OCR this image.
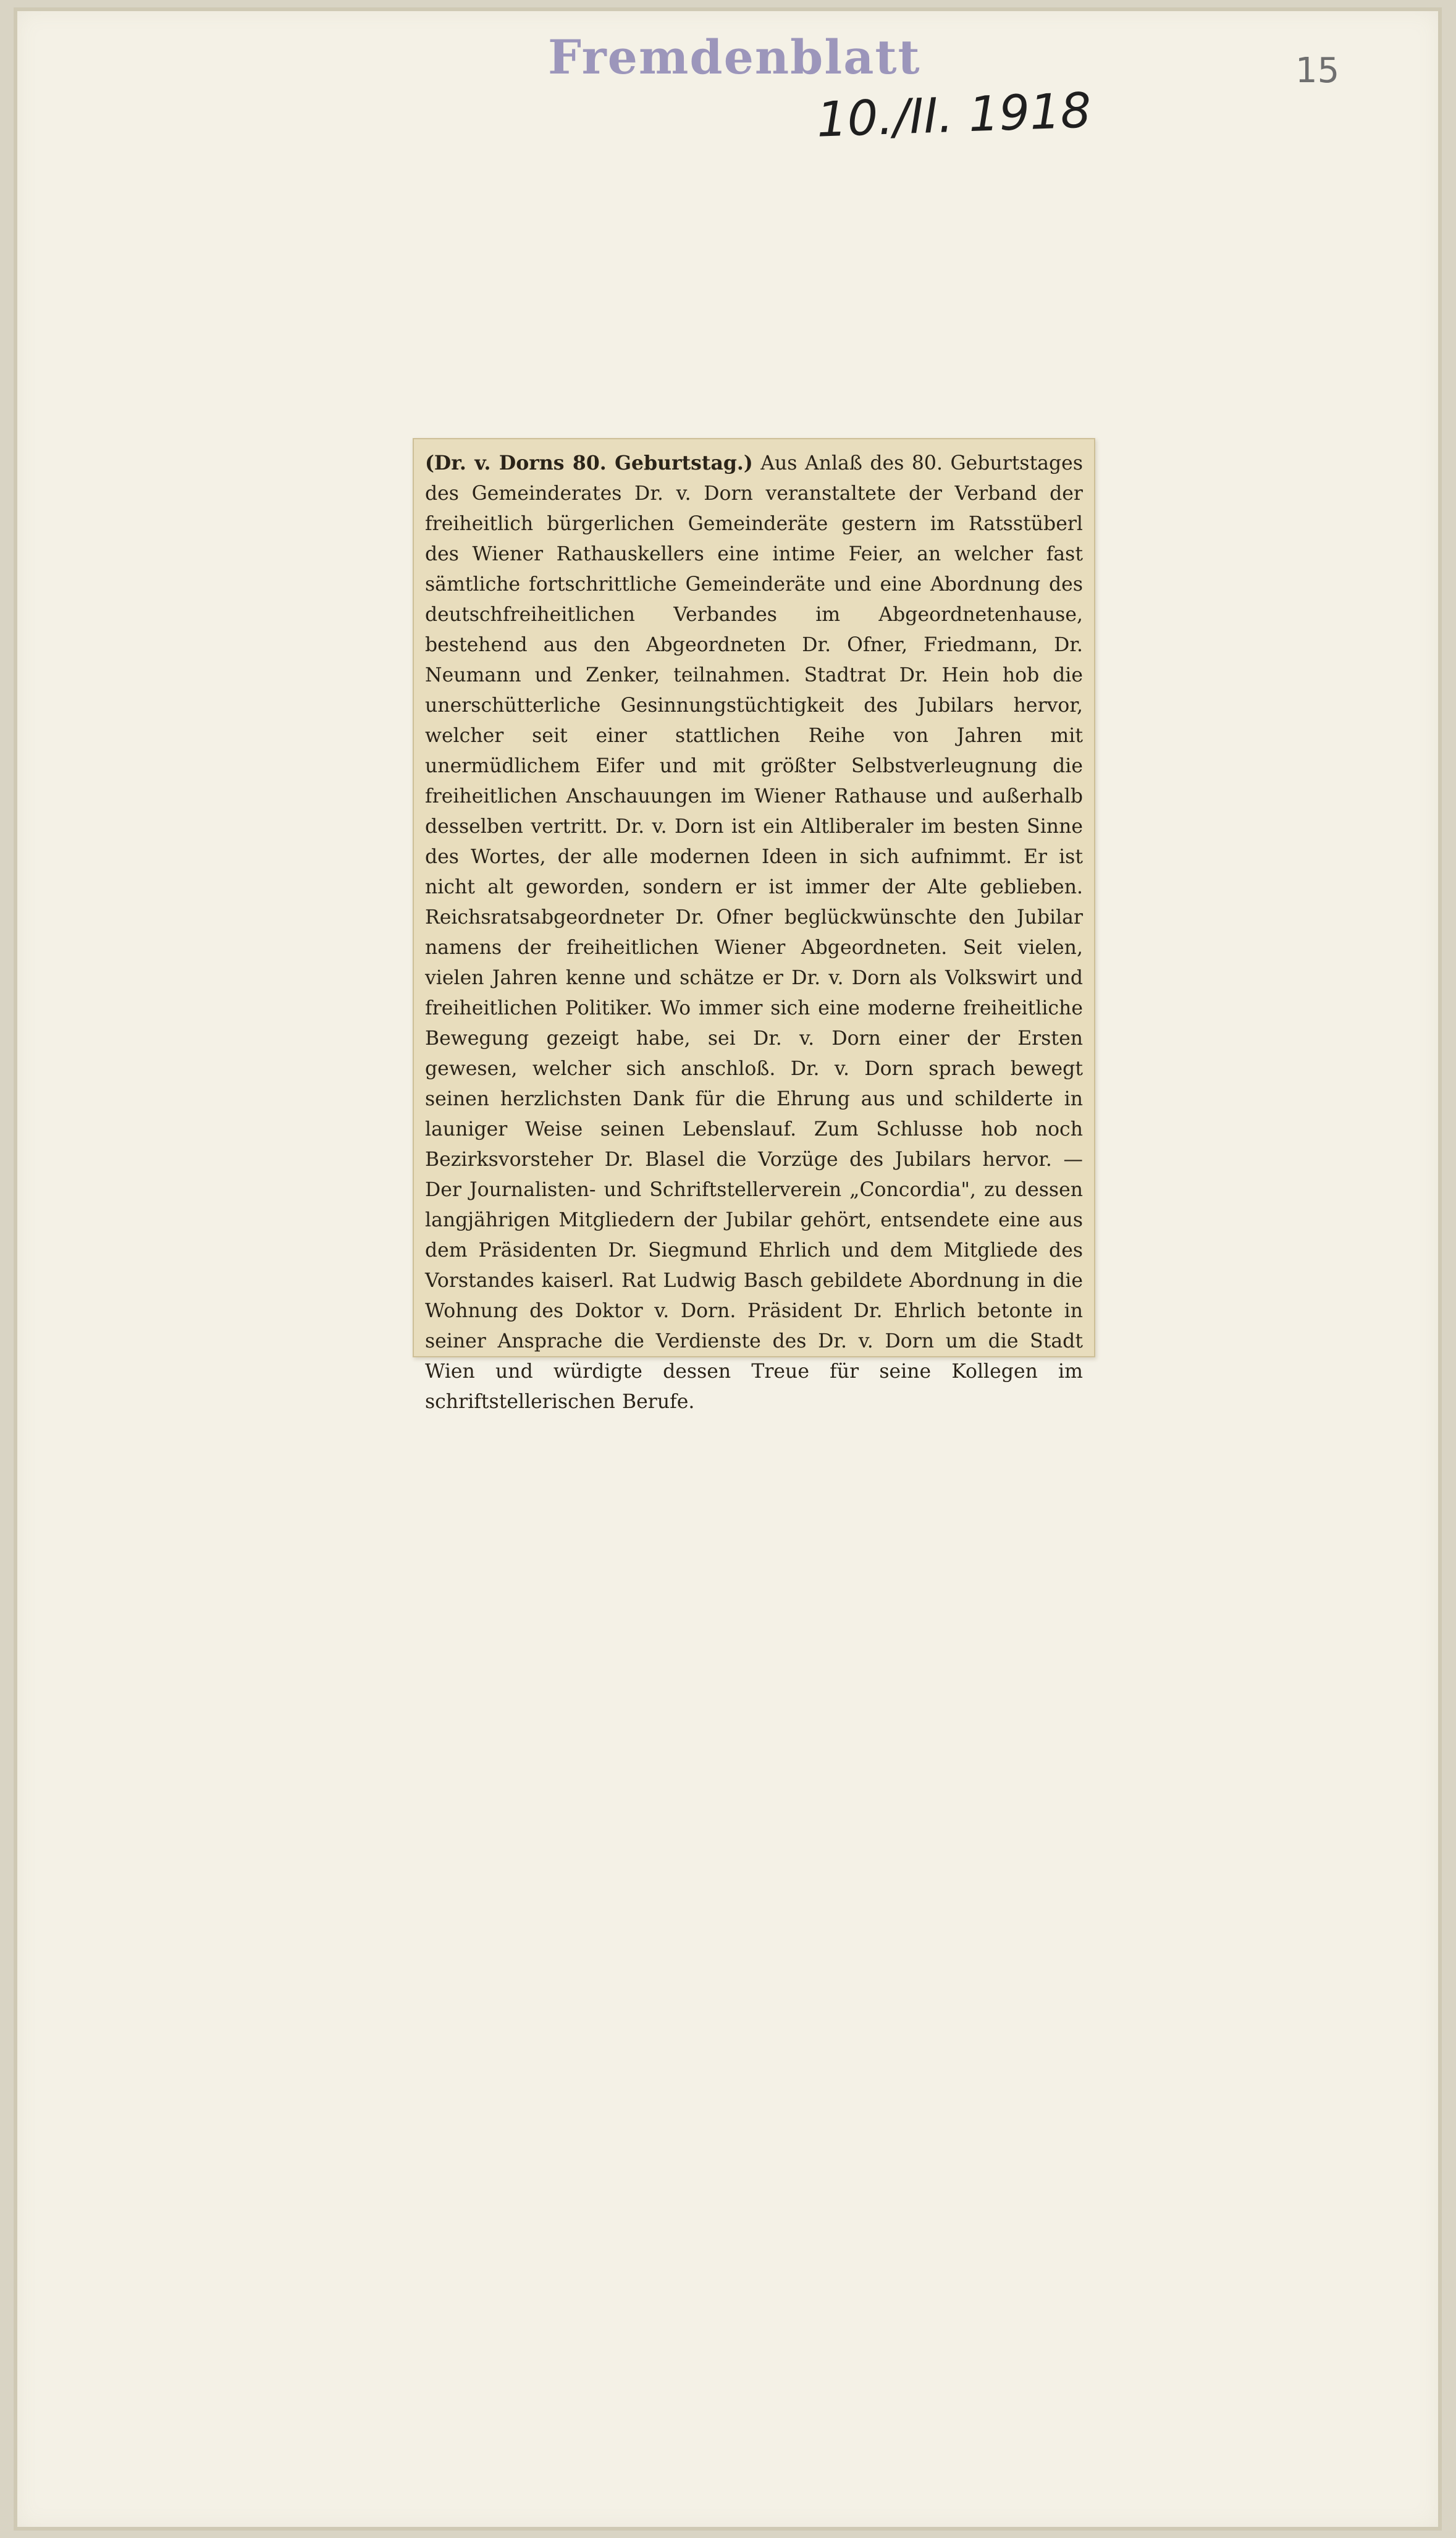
Fremdenblatt
10./II. 1918
15
(Dr. v. Dorns 80. Geburtstag.) Aus Anlaß des 80. Geburtstages des Gemeinderates Dr. v. Dorn veranstaltete der Verband der freiheitlich bürgerlichen Gemeinderäte gestern im Ratsstüberl des Wiener Rathauskellers eine intime Feier, an welcher fast sämtliche fortschrittliche Gemeinderäte und eine Abordnung des deutschfreiheitlichen Verbandes im Abgeordnetenhause, bestehend aus den Abgeordneten Dr. Ofner, Friedmann, Dr. Neumann und Zenker, teilnahmen. Stadtrat Dr. Hein hob die unerschütterliche Gesinnungstüchtigkeit des Jubilars hervor, welcher seit einer stattlichen Reihe von Jahren mit unermüdlichem Eifer und mit größter Selbstverleugnung die freiheitlichen Anschauungen im Wiener Rathause und außerhalb desselben vertritt. Dr. v. Dorn ist ein Altliberaler im besten Sinne des Wortes, der alle modernen Ideen in sich aufnimmt. Er ist nicht alt geworden, sondern er ist immer der Alte geblieben. Reichsratsabgeordneter Dr. Ofner beglückwünschte den Jubilar namens der freiheitlichen Wiener Abgeordneten. Seit vielen, vielen Jahren kenne und schätze er Dr. v. Dorn als Volkswirt und freiheitlichen Politiker. Wo immer sich eine moderne freiheitliche Bewegung gezeigt habe, sei Dr. v. Dorn einer der Ersten gewesen, welcher sich anschloß. Dr. v. Dorn sprach bewegt seinen herzlichsten Dank für die Ehrung aus und schilderte in launiger Weise seinen Lebenslauf. Zum Schlusse hob noch Bezirksvorsteher Dr. Blasel die Vorzüge des Jubilars hervor. — Der Journalisten- und Schriftstellerverein „Concordia", zu dessen langjährigen Mitgliedern der Jubilar gehört, entsendete eine aus dem Präsidenten Dr. Siegmund Ehrlich und dem Mitgliede des Vorstandes kaiserl. Rat Ludwig Basch gebildete Abordnung in die Wohnung des Doktor v. Dorn. Präsident Dr. Ehrlich betonte in seiner Ansprache die Verdienste des Dr. v. Dorn um die Stadt Wien und würdigte dessen Treue für seine Kollegen im schriftstellerischen Berufe.
